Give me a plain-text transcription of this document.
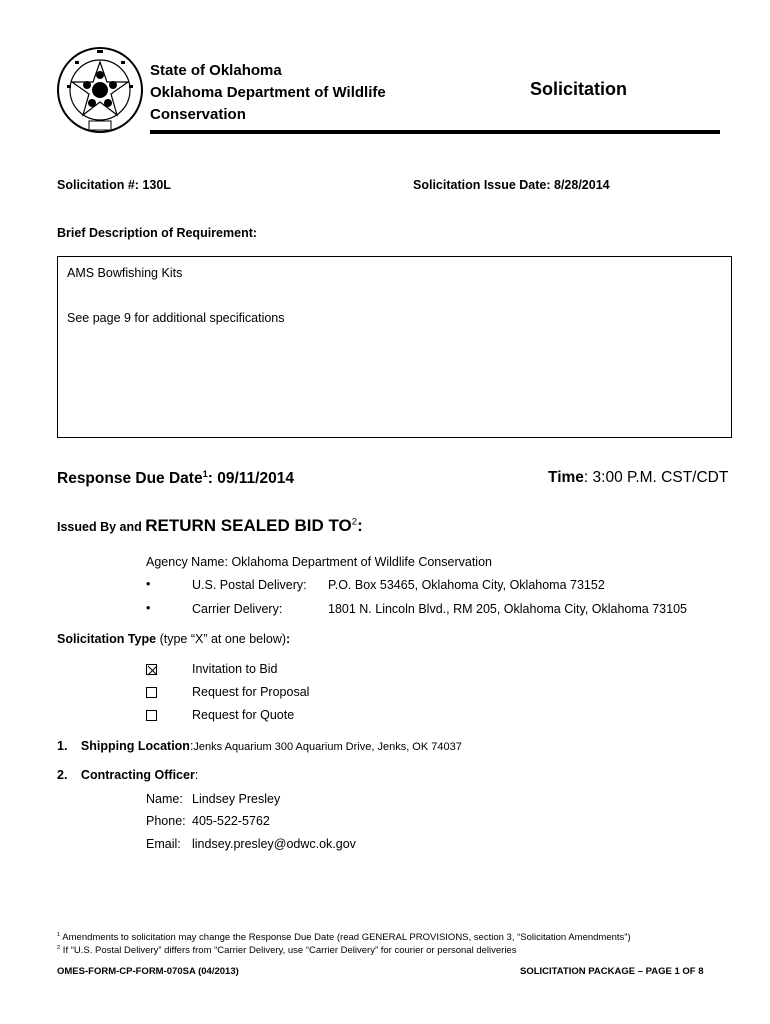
State of Oklahoma
Oklahoma Department of Wildlife
Conservation
Solicitation
Solicitation #: 130L	Solicitation Issue Date: 8/28/2014
Brief Description of Requirement:
AMS Bowfishing Kits
See page 9 for additional specifications
Response Due Date$^1$: 09/11/2014	Time: 3:00 P.M. CST/CDT
Issued By and RETURN SEALED BID $TO^2$:
Agency Name: Oklahoma Department of Wildlife Conservation
•	U.S. Postal Delivery: P.O. Box 53465, Oklahoma City, Oklahoma 73152
•	Carrier Delivery:	1801 N. Lincoln Blvd., RM 205, Oklahoma City, Oklahoma 73105
Solicitation Type (type “X” at one below):
Invitation to Bid
Request for Proposal
Request for Quote
1. Shipping Location:Jenks Aquarium 300 Aquarium Drive, Jenks, OK 74037
2. Contracting Officer:
Name: Lindsey Presley
Phone: 405-522-5762
Email: lindsey.presley@odwc.ok.gov
$^1$ Amendments to solicitation may change the Response Due Date (read GENERAL PROVISIONS, section 3, “Solicitation Amendments”)
$^2$ If “U.S. Postal Delivery” differs from “Carrier Delivery, use “Carrier Delivery” for courier or personal deliveries
OMES-FORM-CP-FORM-070SA (04/2013)	SOLICITATION PACKAGE – PAGE 1 OF 8
